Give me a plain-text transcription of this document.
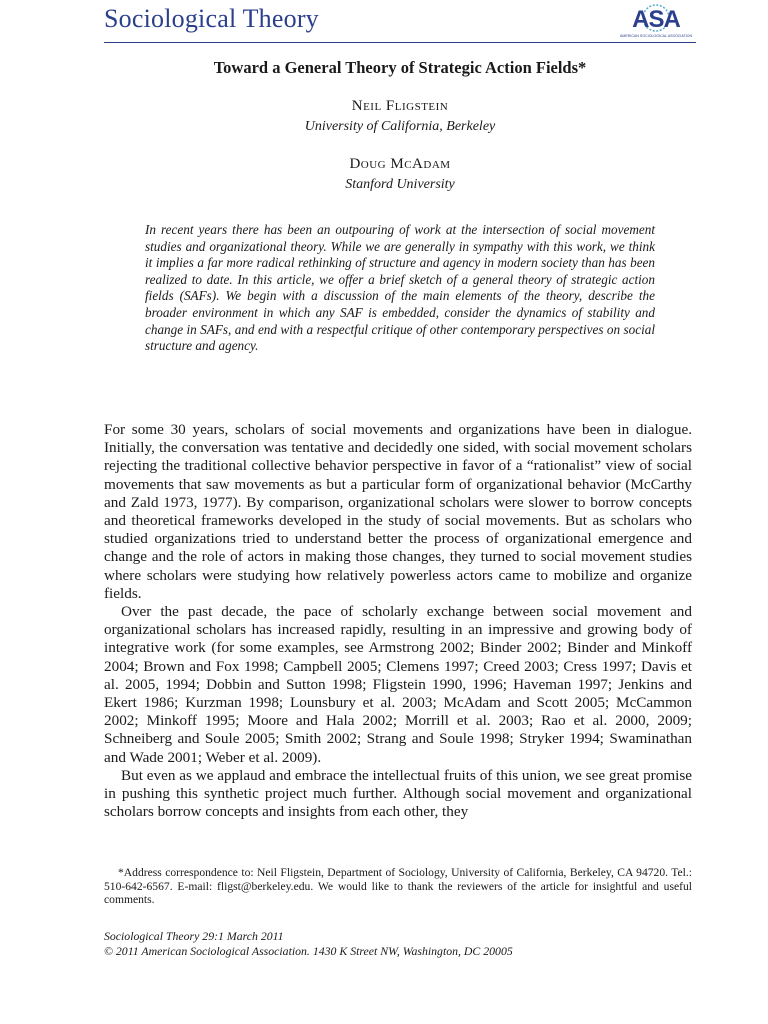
Sociological Theory	ASA
AMERICAN SOCIOLOGICAL ASSOCIATION
Toward a General Theory of Strategic Action Fields*
Neil Fligstein
University of California, Berkeley
Doug McAdam
Stanford University

In recent years there has been an outpouring of work at the intersection of social movement studies and organizational theory. While we are generally in sympathy with this work, we think it implies a far more radical rethinking of structure and agency in modern society than has been realized to date. In this article, we offer a brief sketch of a general theory of strategic action fields (SAFs). We begin with a discussion of the main elements of the theory, describe the broader environment in which any SAF is embedded, consider the dynamics of stability and change in SAFs, and end with a respectful critique of other contemporary perspectives on social structure and agency.

For some 30 years, scholars of social movements and organizations have been in dialogue. Initially, the conversation was tentative and decidedly one sided, with social movement scholars rejecting the traditional collective behavior perspective in favor of a “rationalist” view of social movements that saw movements as but a particular form of organizational behavior (McCarthy and Zald 1973, 1977). By comparison, organizational scholars were slower to borrow concepts and theoretical frameworks developed in the study of social movements. But as scholars who studied organizations tried to understand better the process of organizational emergence and change and the role of actors in making those changes, they turned to social movement studies where scholars were studying how relatively powerless actors came to mobilize and organize fields.

Over the past decade, the pace of scholarly exchange between social movement and organizational scholars has increased rapidly, resulting in an impressive and growing body of integrative work (for some examples, see Armstrong 2002; Binder 2002; Binder and Minkoff 2004; Brown and Fox 1998; Campbell 2005; Clemens 1997; Creed 2003; Cress 1997; Davis et al. 2005, 1994; Dobbin and Sutton 1998; Fligstein 1990, 1996; Haveman 1997; Jenkins and Ekert 1986; Kurzman 1998; Lounsbury et al. 2003; McAdam and Scott 2005; McCammon 2002; Minkoff 1995; Moore and Hala 2002; Morrill et al. 2003; Rao et al. 2000, 2009; Schneiberg and Soule 2005; Smith 2002; Strang and Soule 1998; Stryker 1994; Swaminathan and Wade 2001; Weber et al. 2009).

But even as we applaud and embrace the intellectual fruits of this union, we see great promise in pushing this synthetic project much further. Although social movement and organizational scholars borrow concepts and insights from each other, they

*Address correspondence to: Neil Fligstein, Department of Sociology, University of California, Berkeley, CA 94720. Tel.: 510-642-6567. E-mail: fligst@berkeley.edu. We would like to thank the reviewers of the article for insightful and useful comments.

Sociological Theory 29:1 March 2011
© 2011 American Sociological Association. 1430 K Street NW, Washington, DC 20005
